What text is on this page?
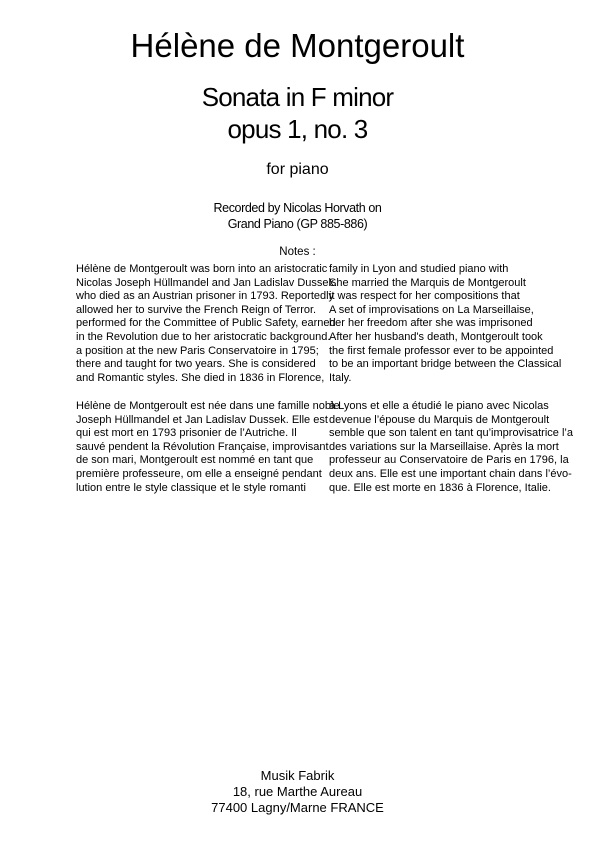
Hélène de Montgeroult
Sonata in F minor
opus 1, no. 3
for piano
Recorded by Nicolas Horvath on
Grand Piano (GP 885-886)
Notes :
Hélène de Montgeroult was born into an aristocratic family in Lyon and studied piano with
Nicolas Joseph Hüllmandel and Jan Ladislav Dussek.
She married the Marquis de Montgeroult
who died as an Austrian prisoner in 1793. Reportedly
it was respect for her compositions that
allowed her to survive the French Reign of Terror. A set of improvisations on La Marseillaise,
performed for the Committee of Public Safety, earned
her her freedom after she was imprisoned
in the Revolution due to her aristocratic background.
After her husband's death, Montgeroult took
a position at the new Paris Conservatoire in 1795; the first female professor ever to be appointed
there and taught for two years. She is considered to be an important bridge between the Classical
and Romantic styles. She died in 1836 in Florence, Italy.
Hélène de Montgeroult est née dans une famille noble
à Lyons et elle a étudié le piano avec Nicolas
Joseph Hüllmandel et Jan Ladislav Dussek. Elle est devenue l’épouse du Marquis de Montgeroult
qui est mort en 1793 prisonier de l’Autriche. Il	semble que son talent en tant qu’improvisatrice l’a
sauvé pendent la Révolution Française, improvisant des variations sur la Marseillaise. Après la mort
de son mari, Montgeroult est nommé en tant que professeur au Conservatoire de Paris en 1796, la
première professeure, om elle a enseigné pendant deux ans. Elle est une important chain dans l’évo-
lution entre le style classique et le style romanti que. Elle est morte en 1836 à Florence, Italie.
Musik Fabrik
18, rue Marthe Aureau
77400 Lagny/Marne FRANCE
